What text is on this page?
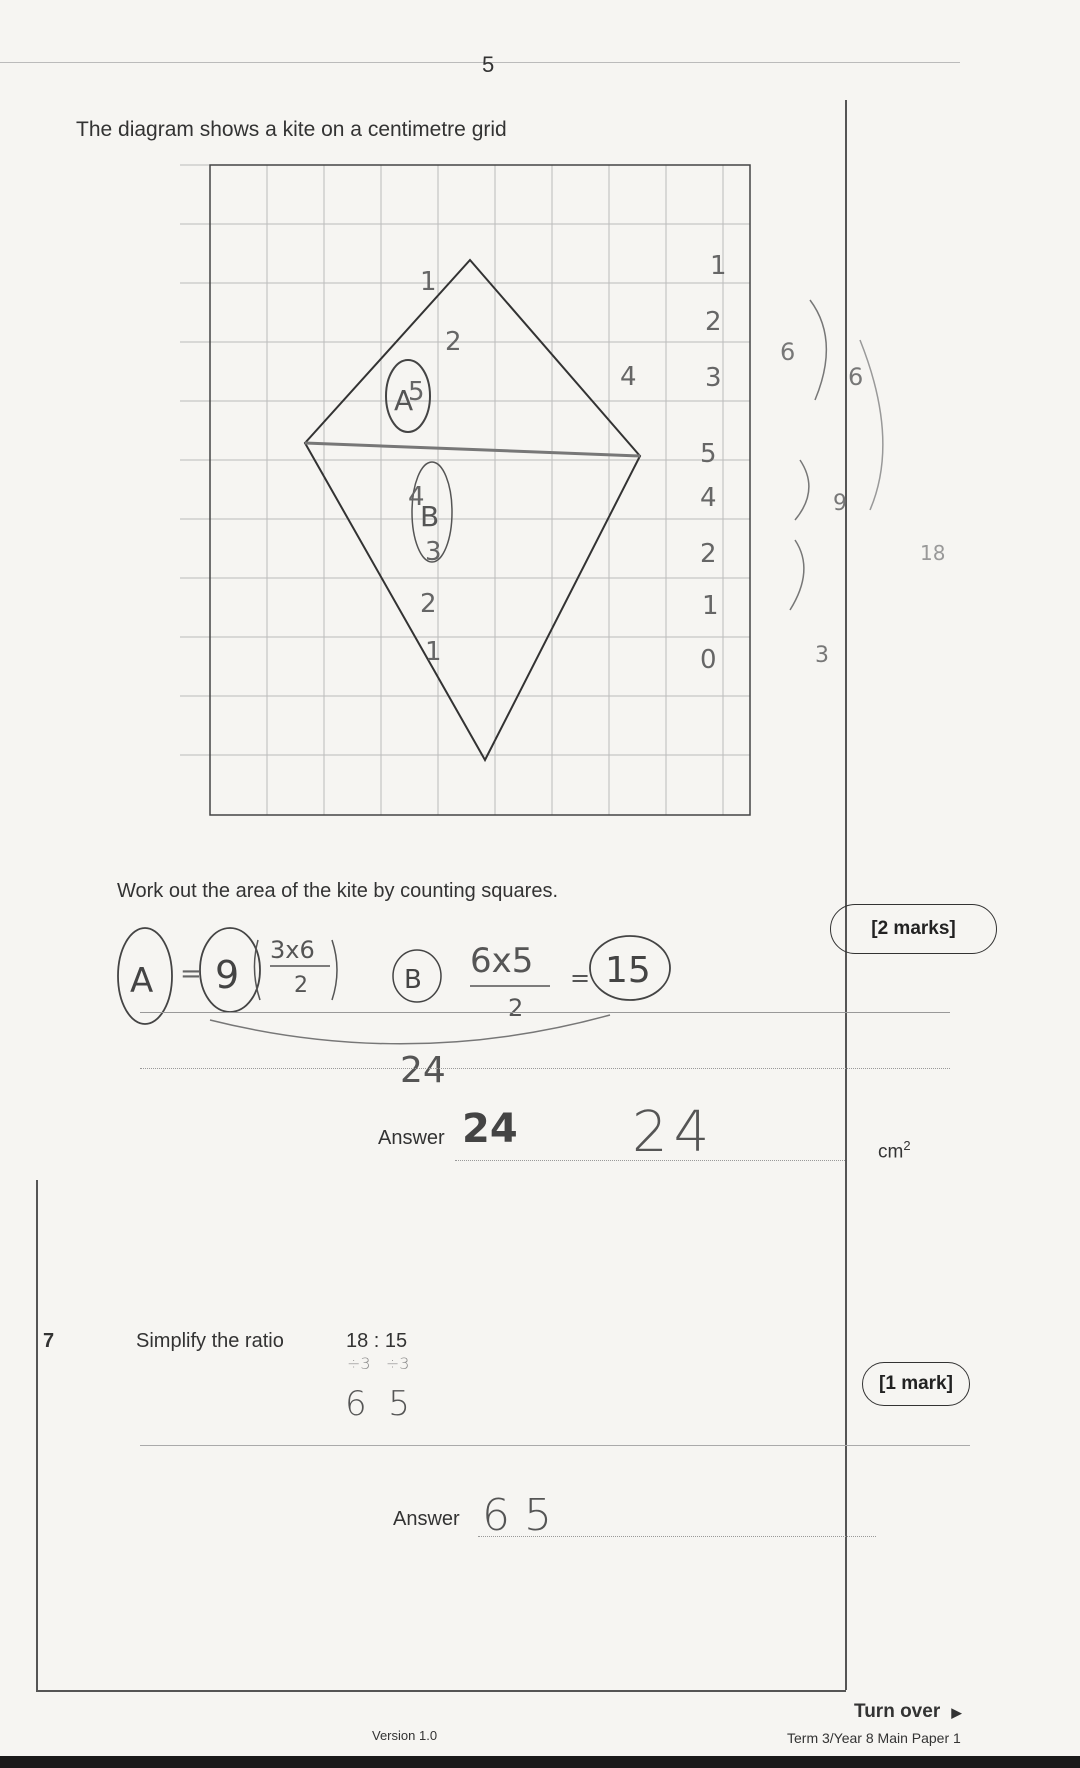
5
The diagram shows a kite on a centimetre grid
A
B
1
2
3
5
4
2
1
0
6
1
2
4
5
4
3
2
1
6
9
3
18
Work out the area of the kite by counting squares.
[2 marks]
A = 9
3x6
2	B 6x5
2
= 15
24
Answer 24 24	$cm^2$
7	Simplify the ratio	18 : 15
÷3   ÷3
6  5
[1 mark]
Answer 6 5
Turn over ▶
Version 1.0	Term 3/Year 8 Main Paper 1
